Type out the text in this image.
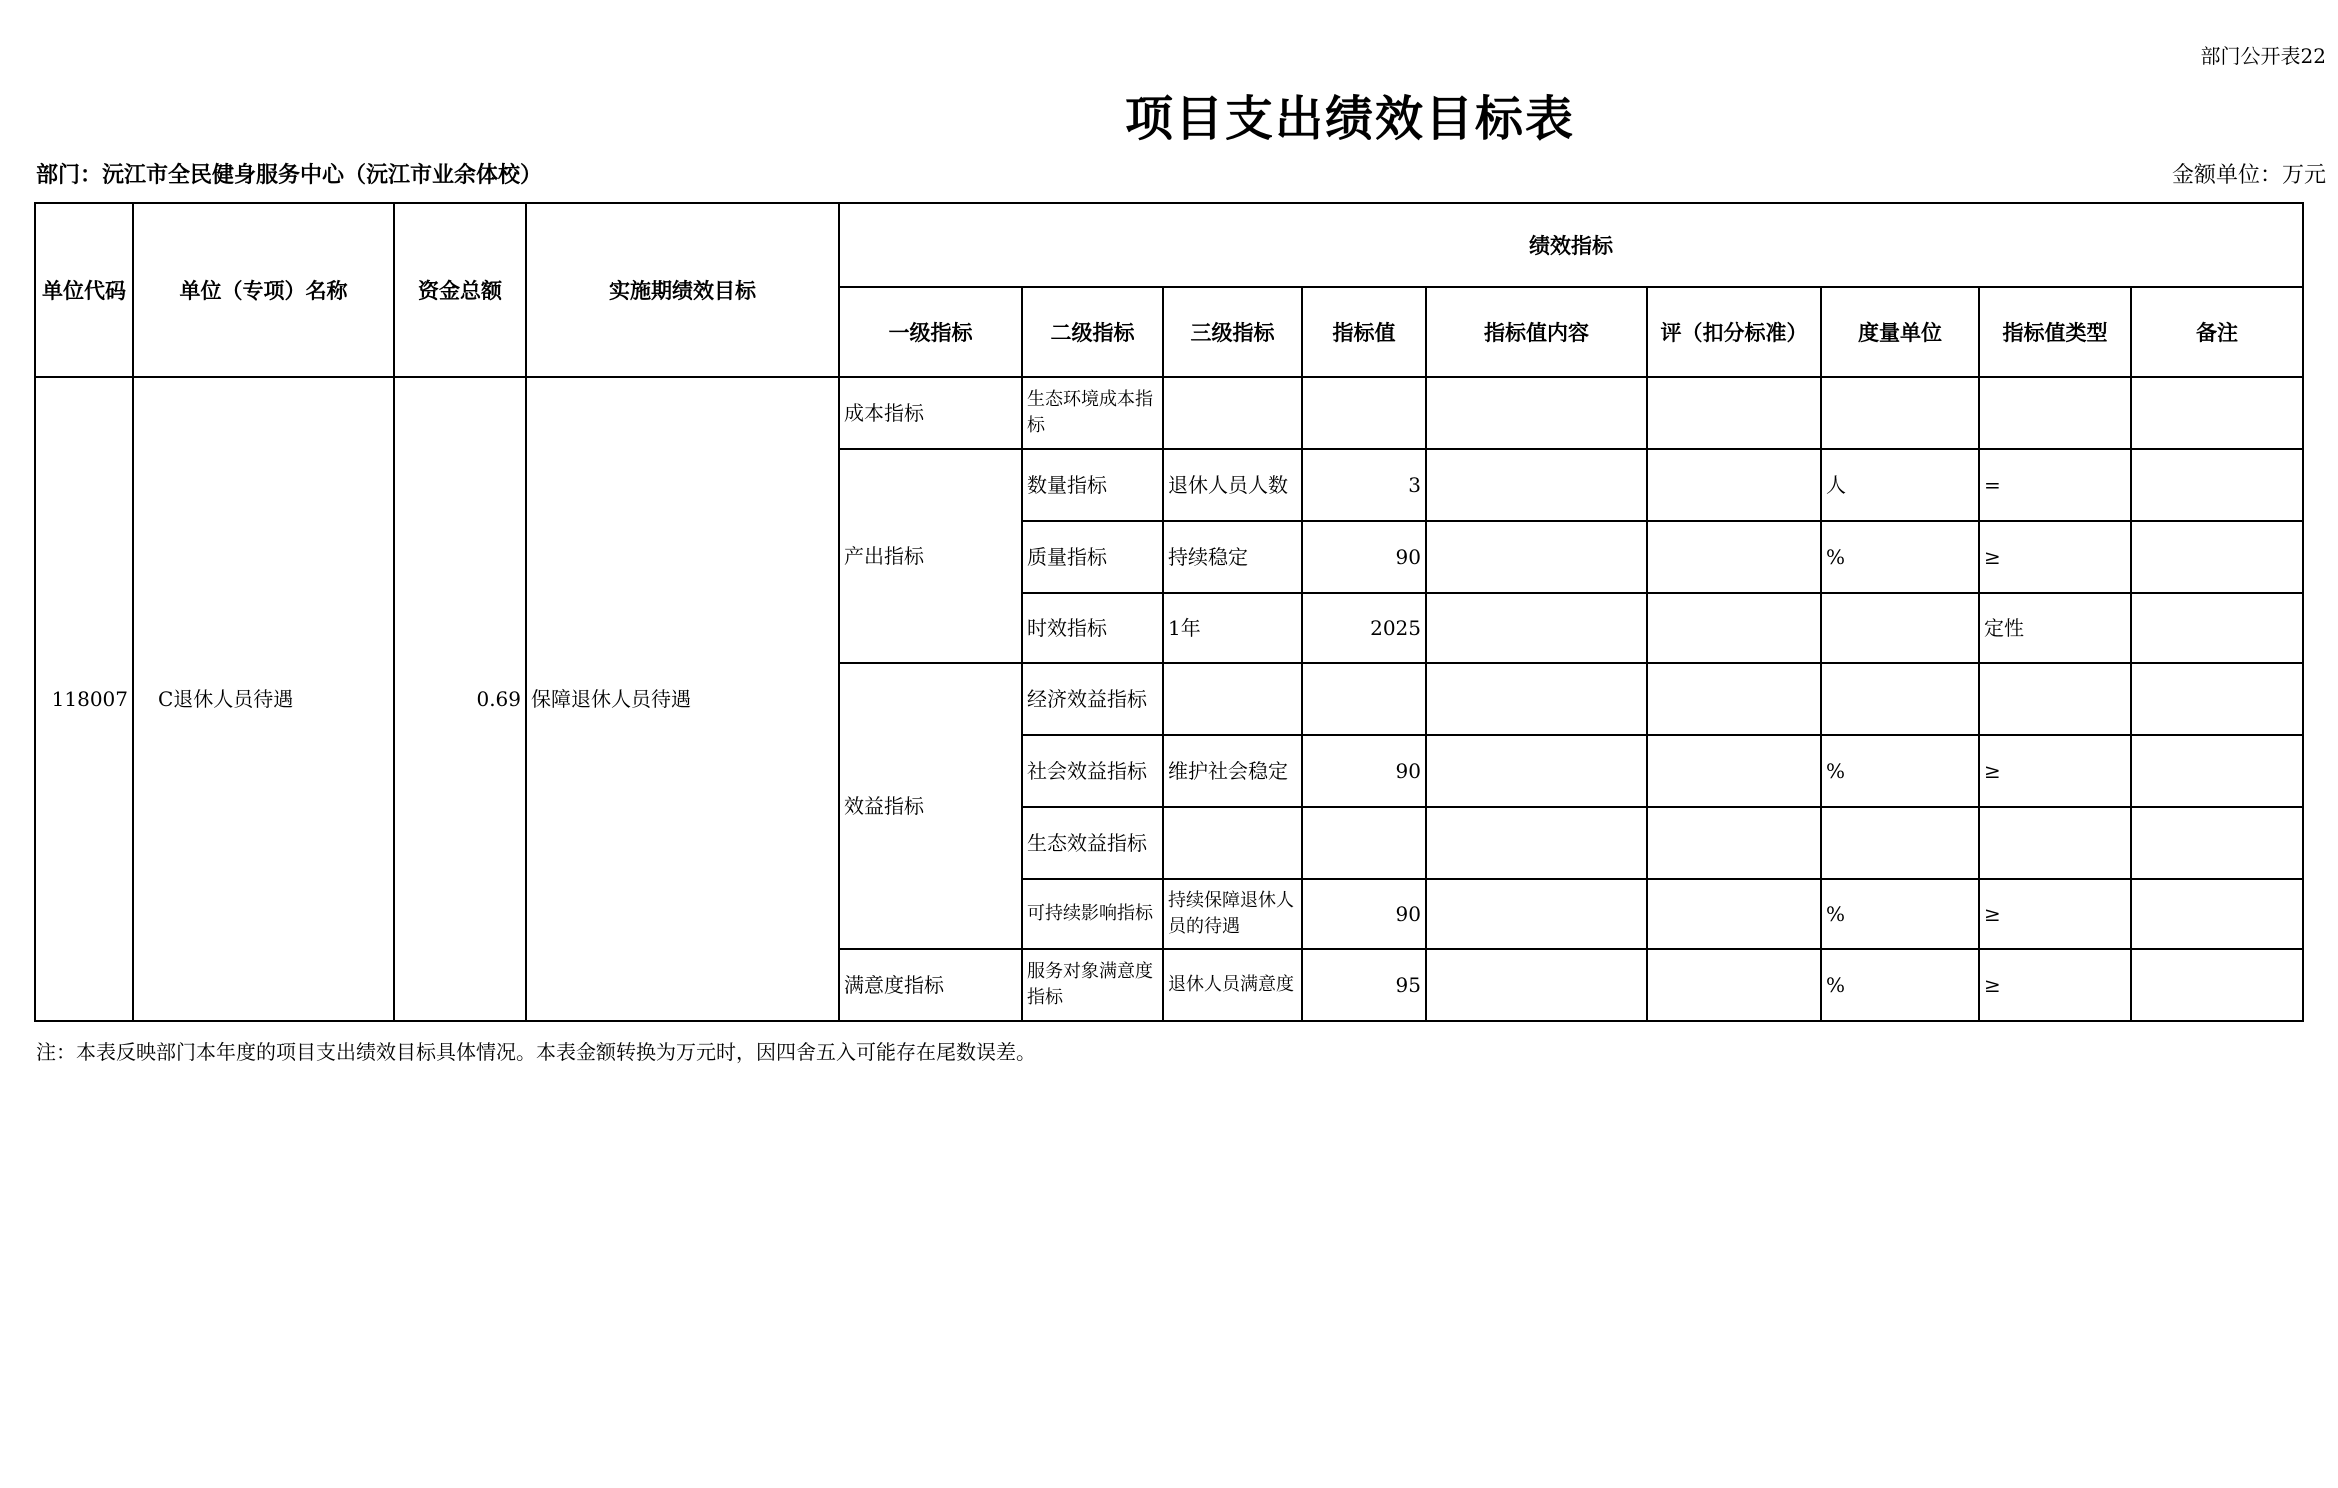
部门公开表22
项目支出绩效目标表
部门：沅江市全民健身服务中心（沅江市业余体校）	金额单位：万元
单位代码	单位（专项）名称	资金总额	实施期绩效目标	绩效指标								
				一级指标	二级指标	三级指标	指标值	指标值内容	评（扣分标准）	度量单位	指标值类型	备注
118007	C退休人员待遇	0.69	保障退休人员待遇	成本指标	生态环境成本指标							
				产出指标	数量指标	退休人员人数	3			人	=	
					质量指标	持续稳定	90			%	≥	
					时效指标	1年	2025				定性	
				效益指标	经济效益指标							
					社会效益指标	维护社会稳定	90			%	≥	
					生态效益指标							
					可持续影响指标	持续保障退休人员的待遇	90			%	≥	
				满意度指标	服务对象满意度指标	退休人员满意度	95			%	≥	
注：本表反映部门本年度的项目支出绩效目标具体情况。本表金额转换为万元时，因四舍五入可能存在尾数误差。
